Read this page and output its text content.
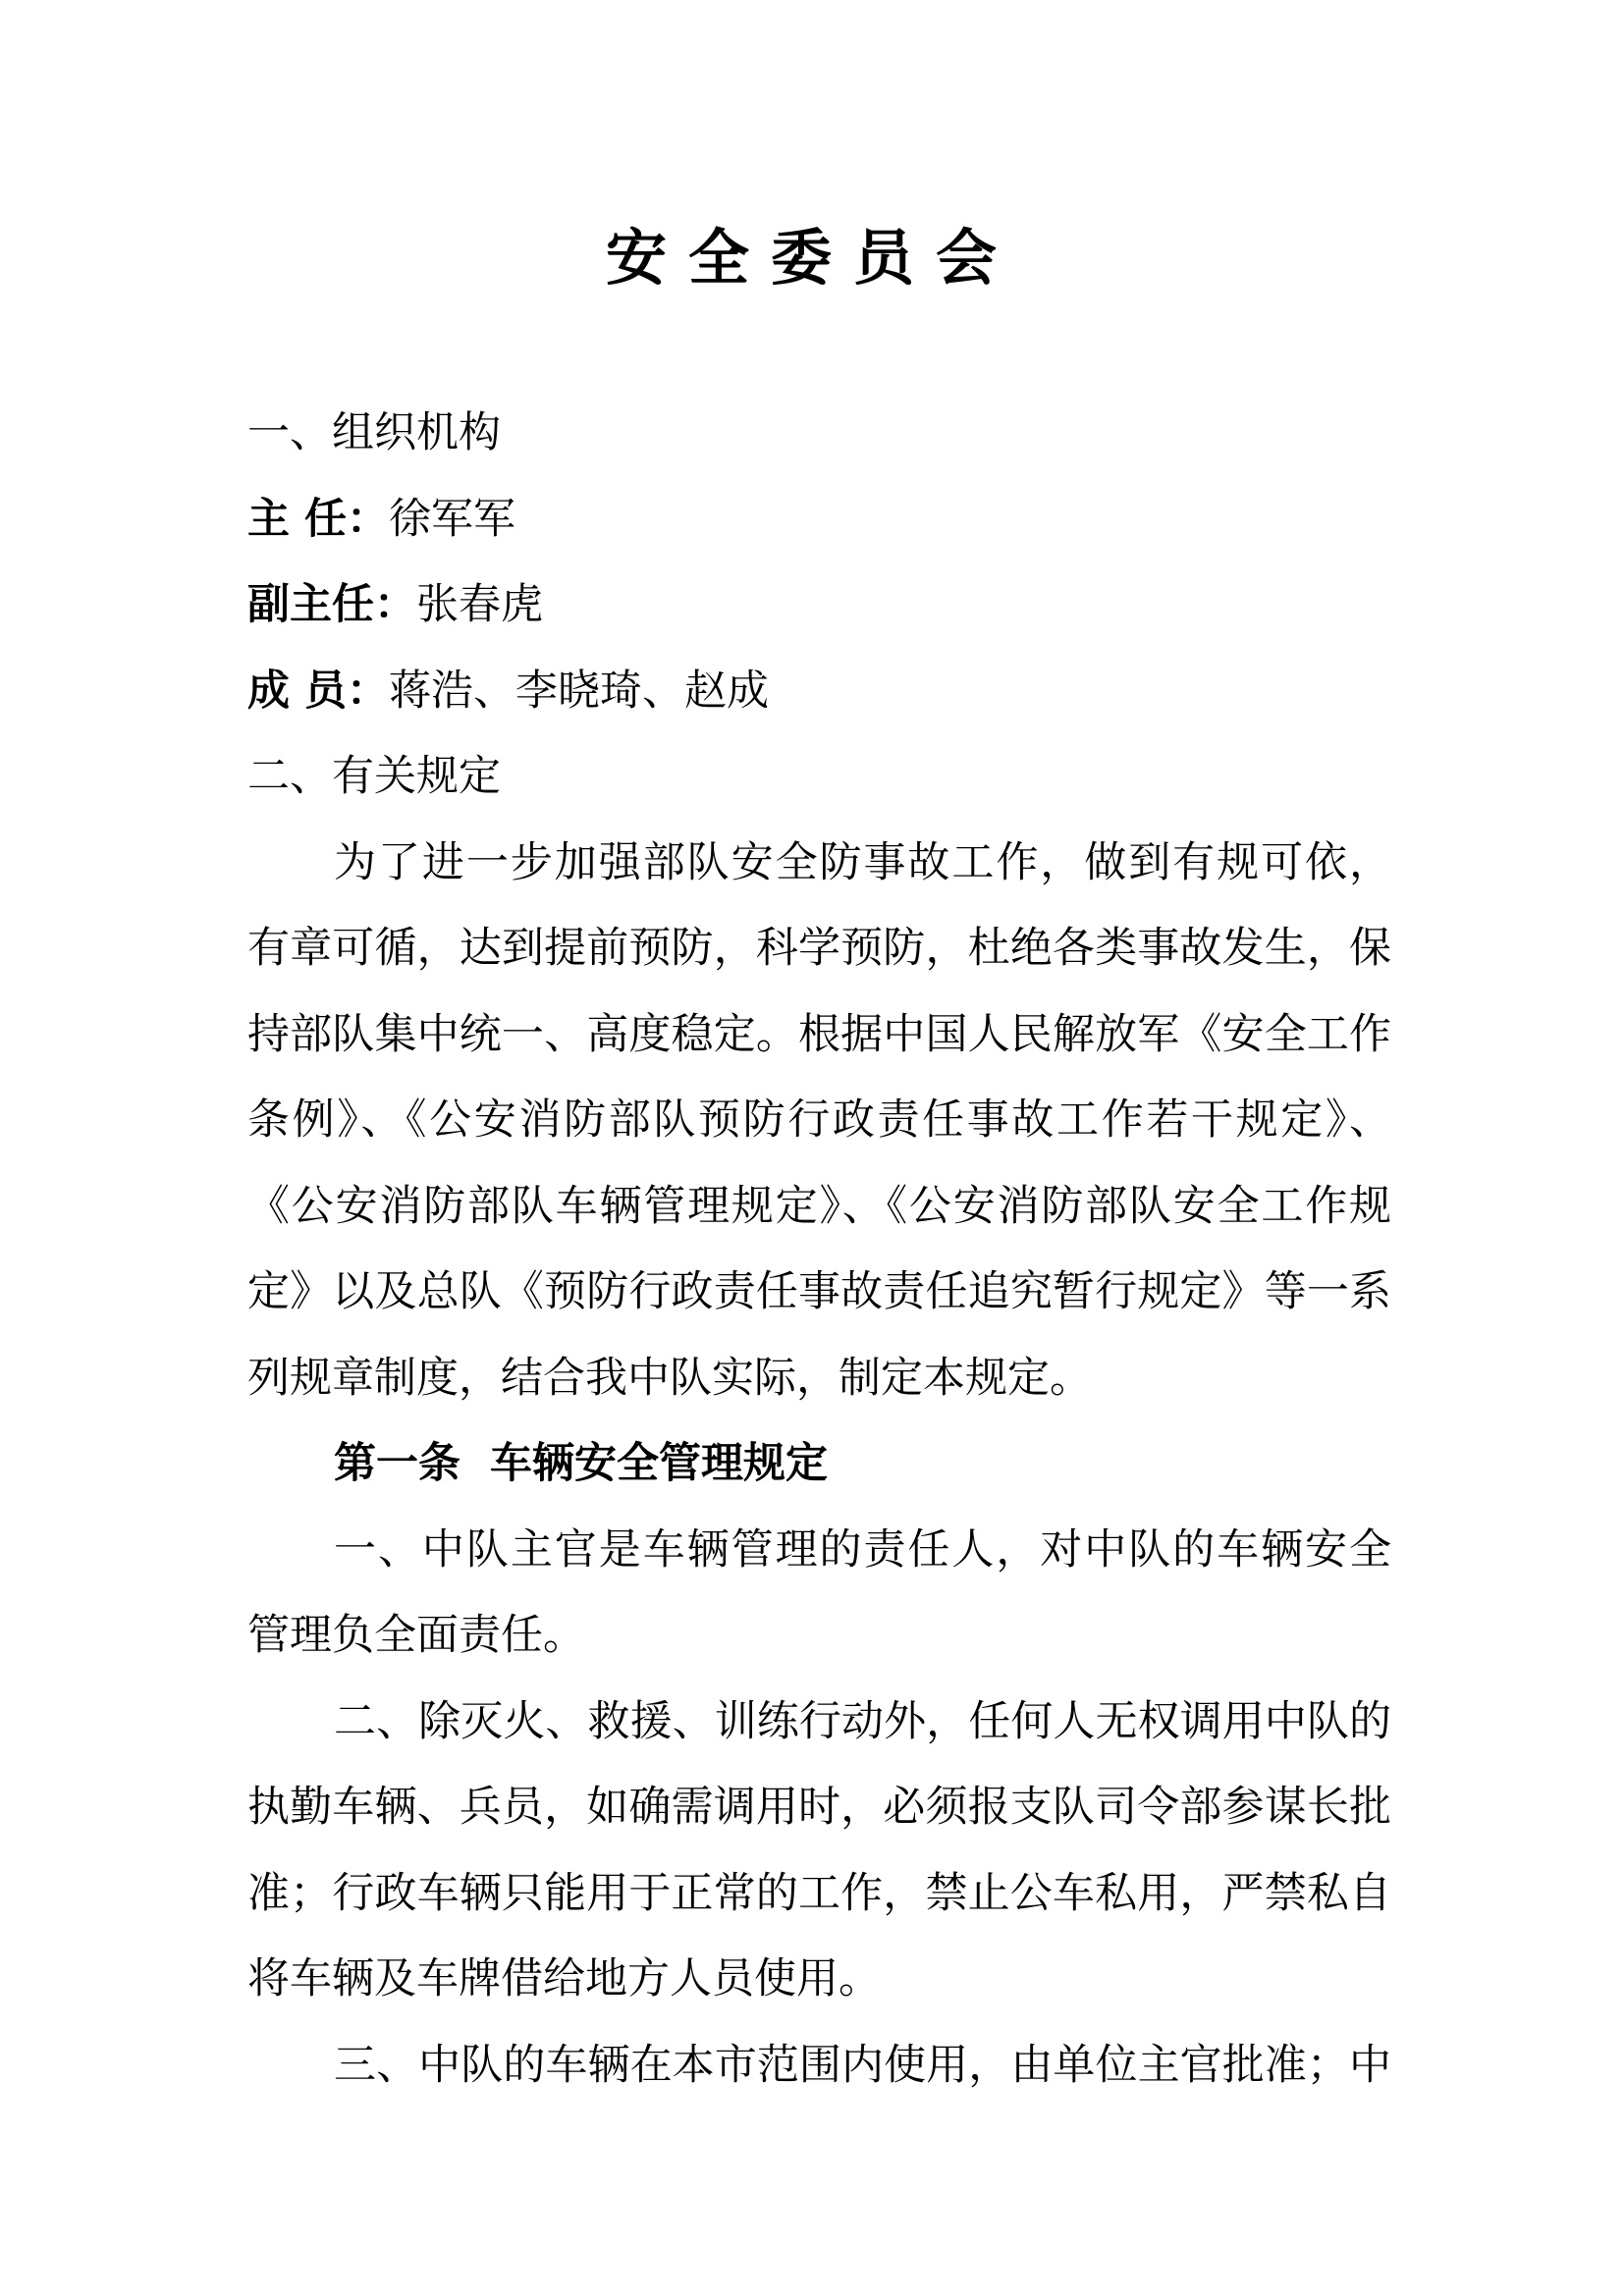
安全委员会

一、组织机构

主 任：徐军军

副主任：张春虎

成 员：蒋浩、李晓琦、赵成

二、有关规定

为了进一步加强部队安全防事故工作，做到有规可依，

有章可循，达到提前预防，科学预防，杜绝各类事故发生，保

持部队集中统一、高度稳定。根据中国人民解放军《安全工作

条例》、《公安消防部队预防行政责任事故工作若干规定》、

《公安消防部队车辆管理规定》、《公安消防部队安全工作规

定》以及总队《预防行政责任事故责任追究暂行规定》等一系

列规章制度，结合我中队实际，制定本规定。

第一条  车辆安全管理规定

一、中队主官是车辆管理的责任人，对中队的车辆安全

管理负全面责任。

二、除灭火、救援、训练行动外，任何人无权调用中队的

执勤车辆、兵员，如确需调用时，必须报支队司令部参谋长批

准；行政车辆只能用于正常的工作，禁止公车私用，严禁私自

将车辆及车牌借给地方人员使用。

三、中队的车辆在本市范围内使用，由单位主官批准；中
